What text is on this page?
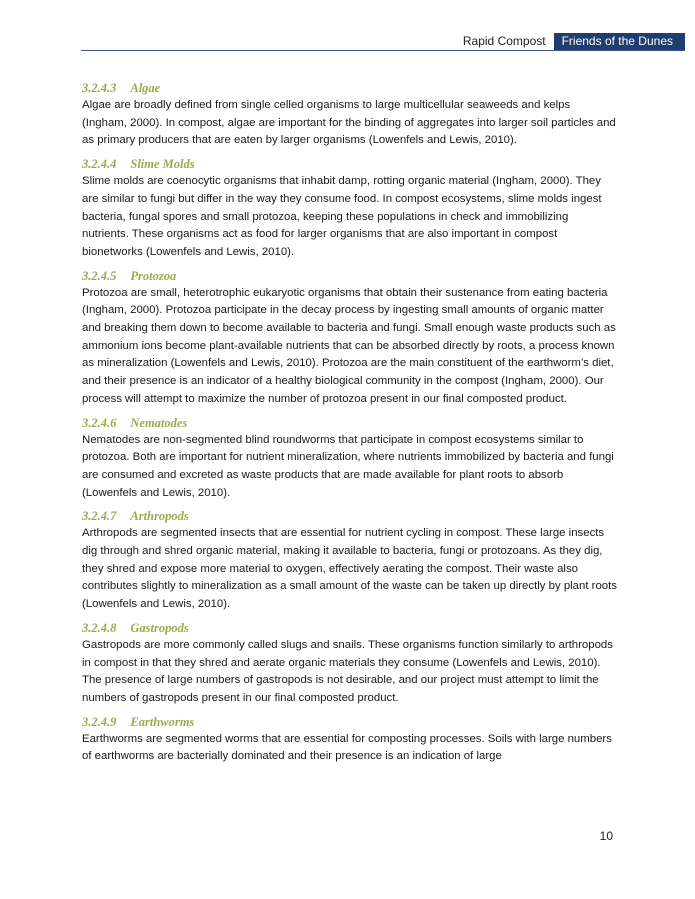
Rapid Compost	Friends of the Dunes
3.2.4.3 Algae

Algae are broadly defined from single celled organisms to large multicellular seaweeds and kelps (Ingham, 2000). In compost, algae are important for the binding of aggregates into larger soil particles and as primary producers that are eaten by larger organisms (Lowenfels and Lewis, 2010).

3.2.4.4 Slime Molds

Slime molds are coenocytic organisms that inhabit damp, rotting organic material (Ingham, 2000). They are similar to fungi but differ in the way they consume food. In compost ecosystems, slime molds ingest bacteria, fungal spores and small protozoa, keeping these populations in check and immobilizing nutrients. These organisms act as food for larger organisms that are also important in compost bionetworks (Lowenfels and Lewis, 2010).

3.2.4.5 Protozoa

Protozoa are small, heterotrophic eukaryotic organisms that obtain their sustenance from eating bacteria (Ingham, 2000). Protozoa participate in the decay process by ingesting small amounts of organic matter and breaking them down to become available to bacteria and fungi. Small enough waste products such as ammonium ions become plant-available nutrients that can be absorbed directly by roots, a process known as mineralization (Lowenfels and Lewis, 2010). Protozoa are the main constituent of the earthworm’s diet, and their presence is an indicator of a healthy biological community in the compost (Ingham, 2000). Our process will attempt to maximize the number of protozoa present in our final composted product.

3.2.4.6 Nematodes

Nematodes are non-segmented blind roundworms that participate in compost ecosystems similar to protozoa. Both are important for nutrient mineralization, where nutrients immobilized by bacteria and fungi are consumed and excreted as waste products that are made available for plant roots to absorb (Lowenfels and Lewis, 2010).

3.2.4.7 Arthropods

Arthropods are segmented insects that are essential for nutrient cycling in compost. These large insects dig through and shred organic material, making it available to bacteria, fungi or protozoans. As they dig, they shred and expose more material to oxygen, effectively aerating the compost. Their waste also contributes slightly to mineralization as a small amount of the waste can be taken up directly by plant roots (Lowenfels and Lewis, 2010).

3.2.4.8 Gastropods

Gastropods are more commonly called slugs and snails. These organisms function similarly to arthropods in compost in that they shred and aerate organic materials they consume (Lowenfels and Lewis, 2010). The presence of large numbers of gastropods is not desirable, and our project must attempt to limit the numbers of gastropods present in our final composted product.

3.2.4.9 Earthworms

Earthworms are segmented worms that are essential for composting processes. Soils with large numbers of earthworms are bacterially dominated and their presence is an indication of large

10
